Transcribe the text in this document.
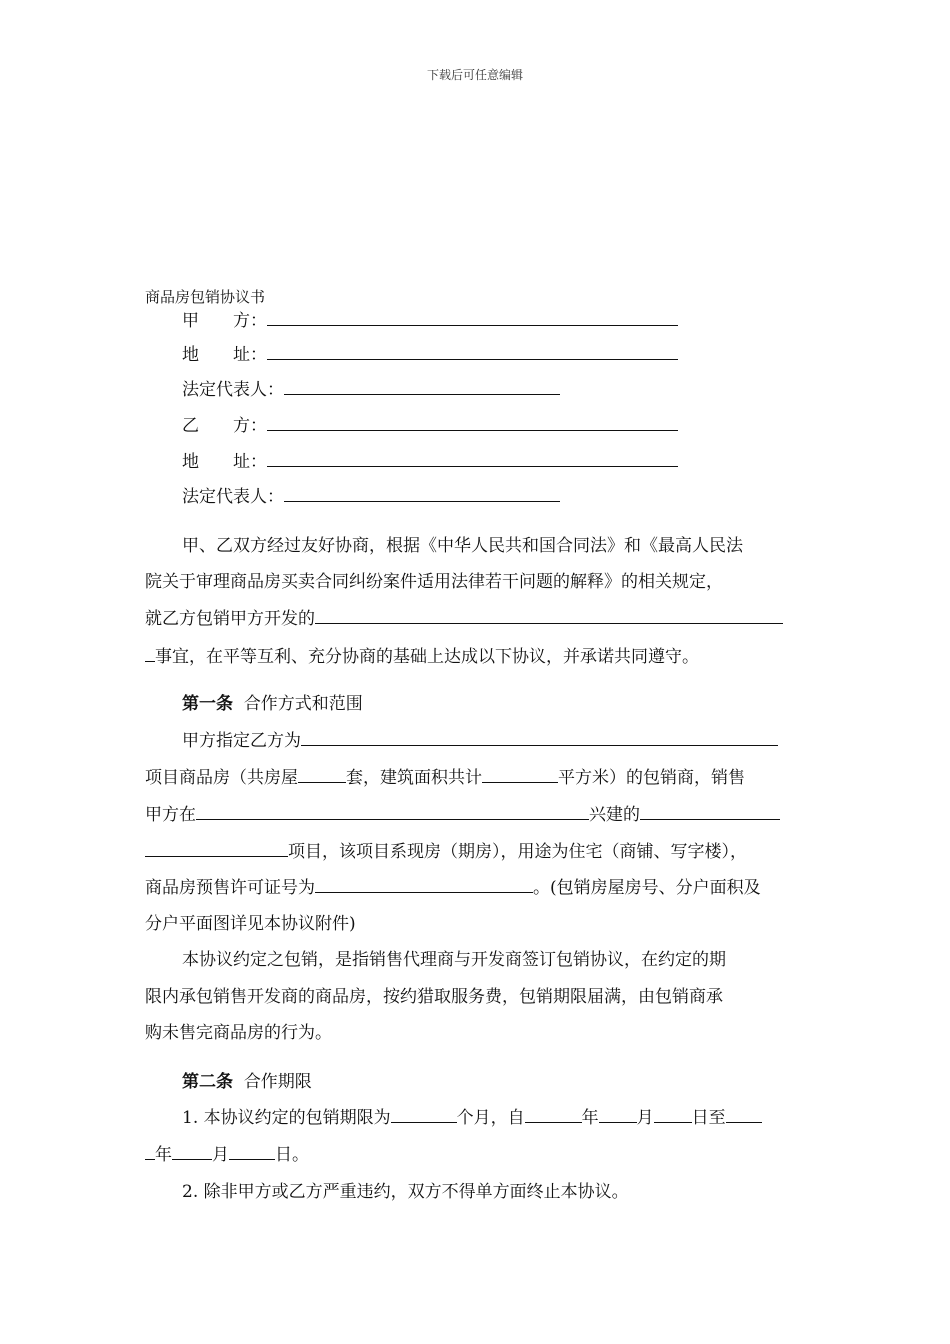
下载后可任意编辑
商品房包销协议书
甲　　方：
地　　址：
法定代表人：
乙　　方：
地　　址：
法定代表人：
甲、乙双方经过友好协商，根据《中华人民共和国合同法》和《最高人民法
院关于审理商品房买卖合同纠纷案件适用法律若干问题的解释》的相关规定，
就乙方包销甲方开发的
事宜，在平等互利、充分协商的基础上达成以下协议，并承诺共同遵守。
第一条 合作方式和范围
甲方指定乙方为
项目商品房（共房屋	套，建筑面积共计	平方米）的包销商，销售
甲方在	兴建的
项目，该项目系现房（期房），用途为住宅（商铺、写字楼），
商品房预售许可证号为	。(包销房屋房号、分户面积及
分户平面图详见本协议附件)
本协议约定之包销，是指销售代理商与开发商签订包销协议，在约定的期
限内承包销售开发商的商品房，按约猎取服务费，包销期限届满，由包销商承
购未售完商品房的行为。
第二条 合作期限
1. 本协议约定的包销期限为	个月，自	年 月 日至
年 月	日。
2. 除非甲方或乙方严重违约，双方不得单方面终止本协议。
